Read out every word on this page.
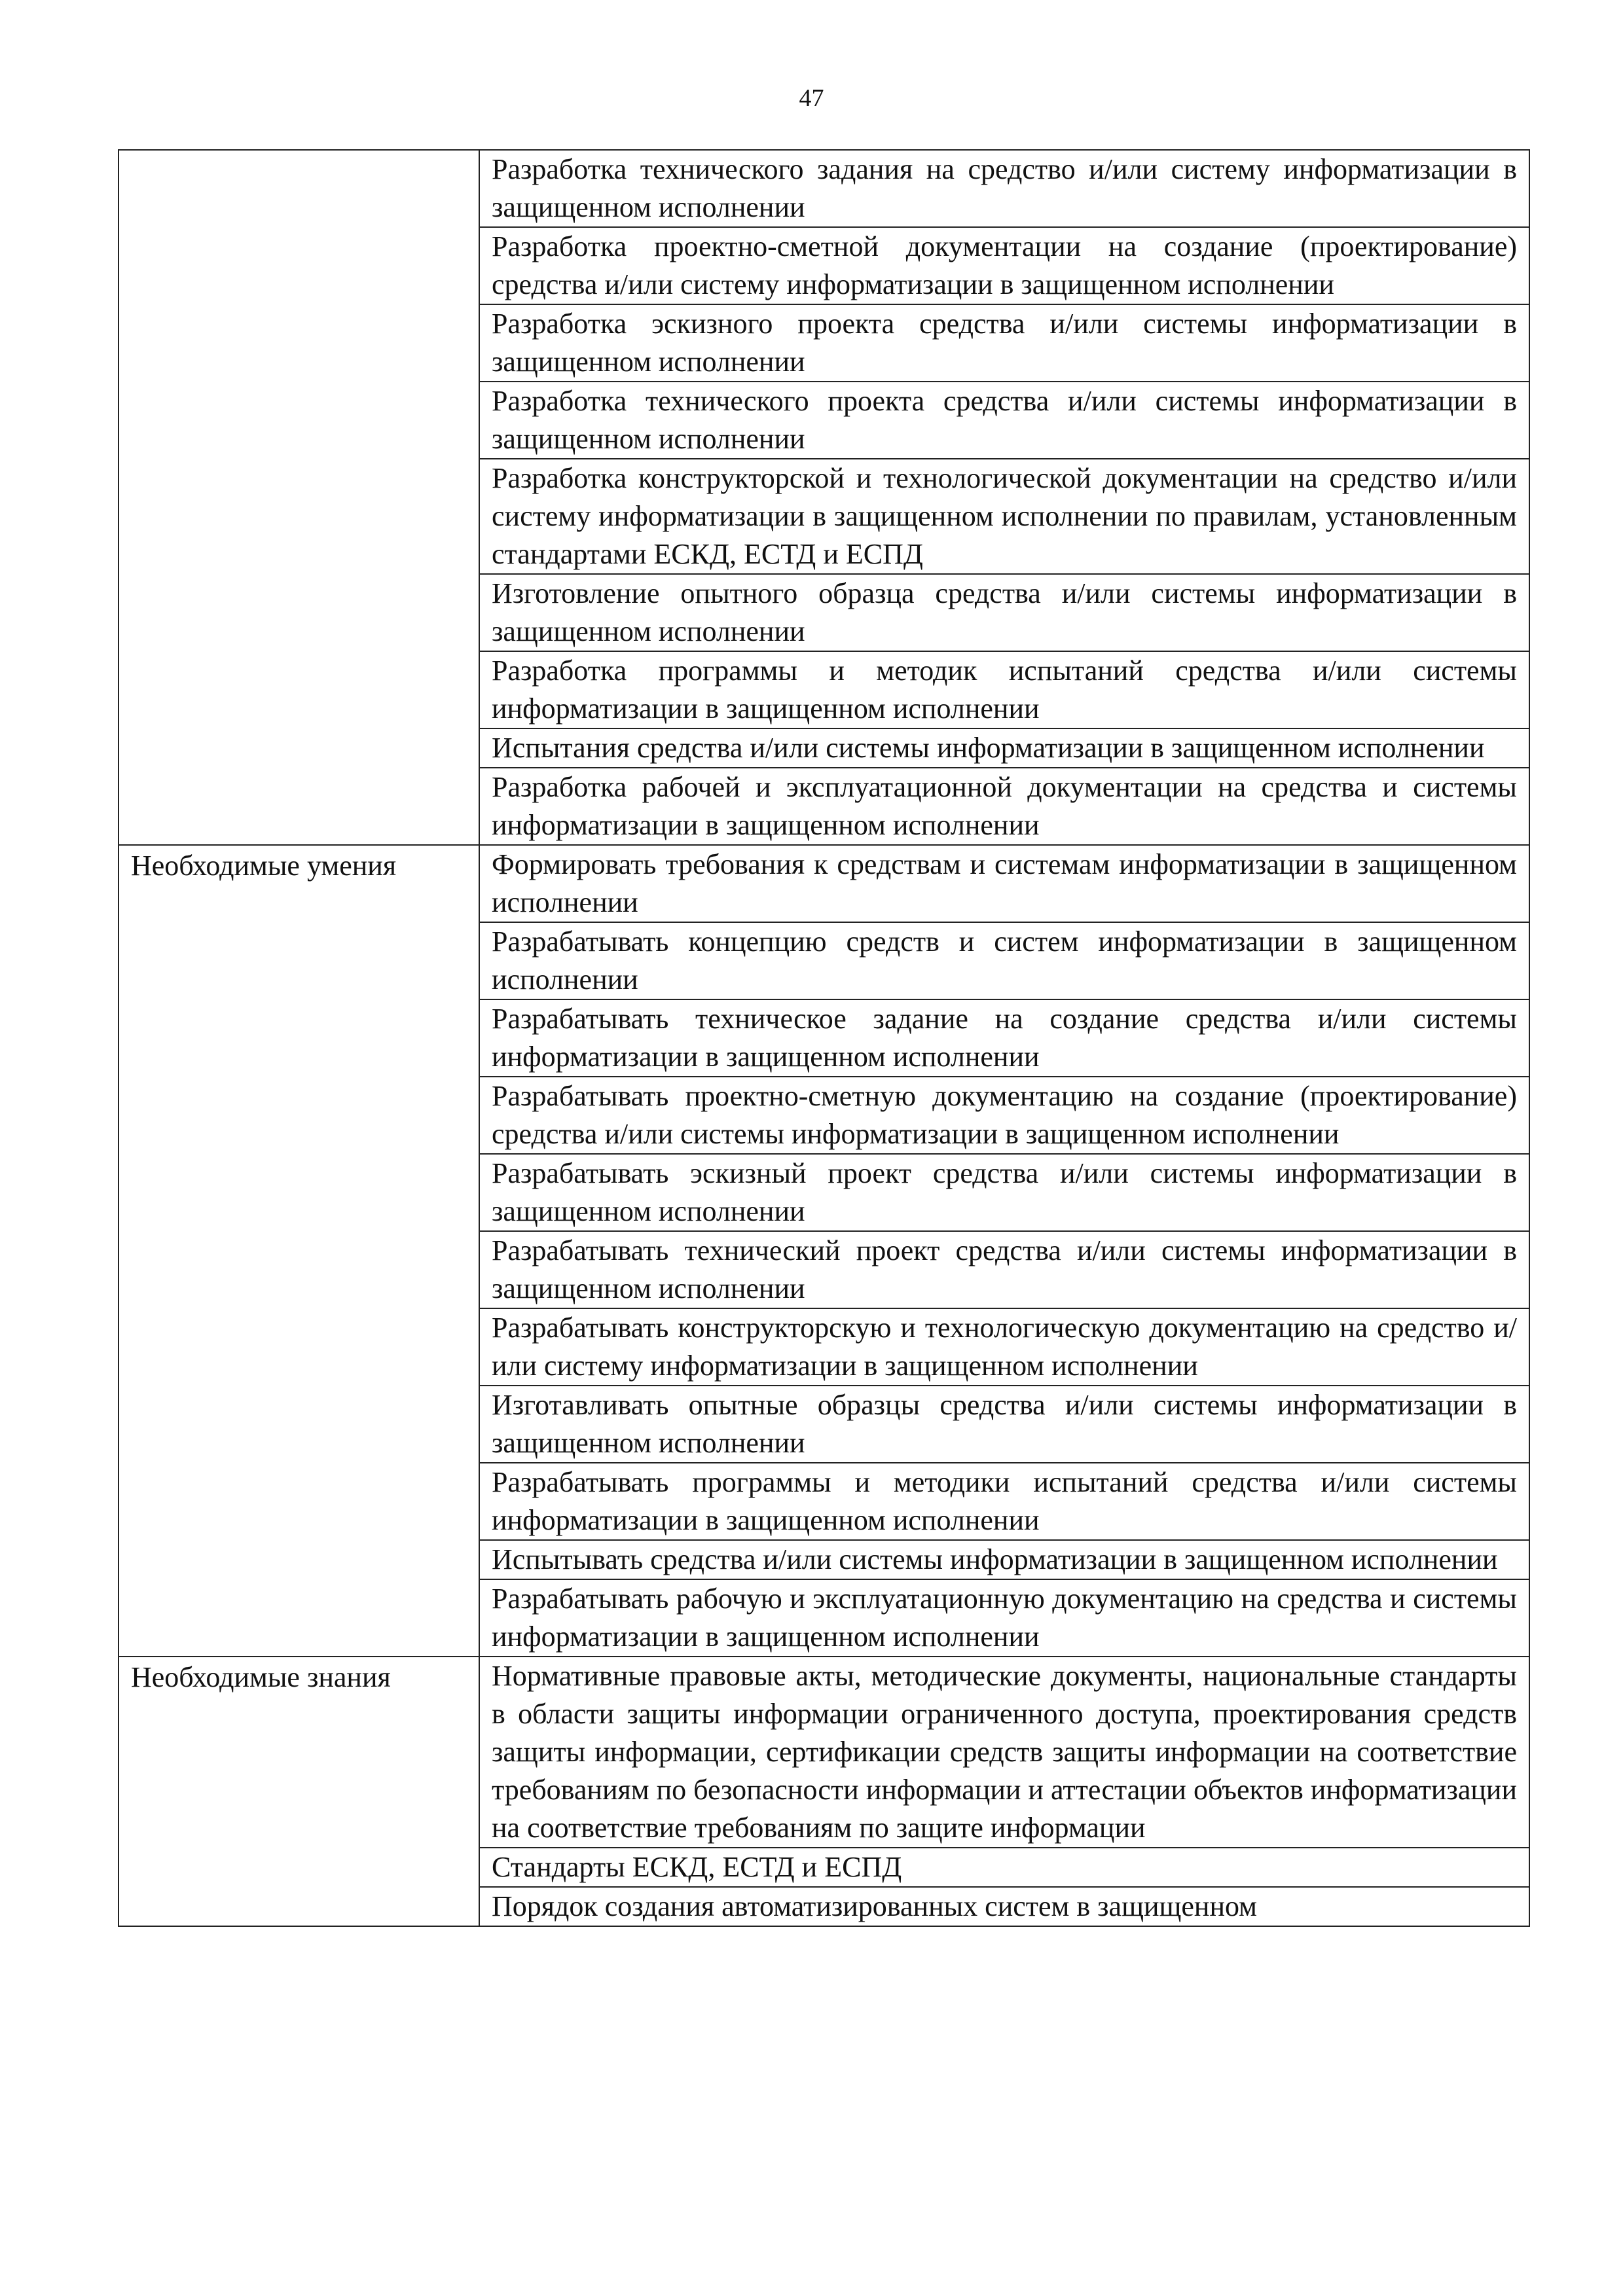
47
	Разработка технического задания на средство и/или систему информатизации в защищенном исполнении
	Разработка проектно-сметной документации на создание (проектирование) средства и/или систему информатизации в защищенном исполнении
	Разработка эскизного проекта средства и/или системы информатизации в защищенном исполнении
	Разработка технического проекта средства и/или системы информатизации в защищенном исполнении
	Разработка конструкторской и технологической документации на средство и/или систему информатизации в защищенном исполнении по правилам, установленным стандартами ЕСКД, ЕСТД и ЕСПД
	Изготовление опытного образца средства и/или системы информатизации в защищенном исполнении
	Разработка программы и методик испытаний средства и/или системы информатизации в защищенном исполнении
	Испытания средства и/или системы информатизации в защищенном исполнении
	Разработка рабочей и эксплуатационной документации на средства и системы информатизации в защищенном исполнении
Необходимые умения	Формировать требования к средствам и системам информатизации в защищенном исполнении
	Разрабатывать концепцию средств и систем информатизации в защищенном исполнении
	Разрабатывать техническое задание на создание средства и/или системы информатизации в защищенном исполнении
	Разрабатывать проектно-сметную документацию на создание (проектирование) средства и/или системы информатизации в защищенном исполнении
	Разрабатывать эскизный проект средства и/или системы информатизации в защищенном исполнении
	Разрабатывать технический проект средства и/или системы информатизации в защищенном исполнении
	Разрабатывать конструкторскую и технологическую документацию на средство и/или систему информатизации в защищенном исполнении
	Изготавливать опытные образцы средства и/или системы информатизации в защищенном исполнении
	Разрабатывать программы и методики испытаний средства и/или системы информатизации в защищенном исполнении
	Испытывать средства и/или системы информатизации в защищенном исполнении
	Разрабатывать рабочую и эксплуатационную документацию на средства и системы информатизации в защищенном исполнении
Необходимые знания	Нормативные правовые акты, методические документы, национальные стандарты в области защиты информации ограниченного доступа, проектирования средств защиты информации, сертификации средств защиты информации на соответствие требованиям по безопасности информации и аттестации объектов информатизации на соответствие требованиям по защите информации
	Стандарты ЕСКД, ЕСТД и ЕСПД
	Порядок создания автоматизированных систем в защищенном
